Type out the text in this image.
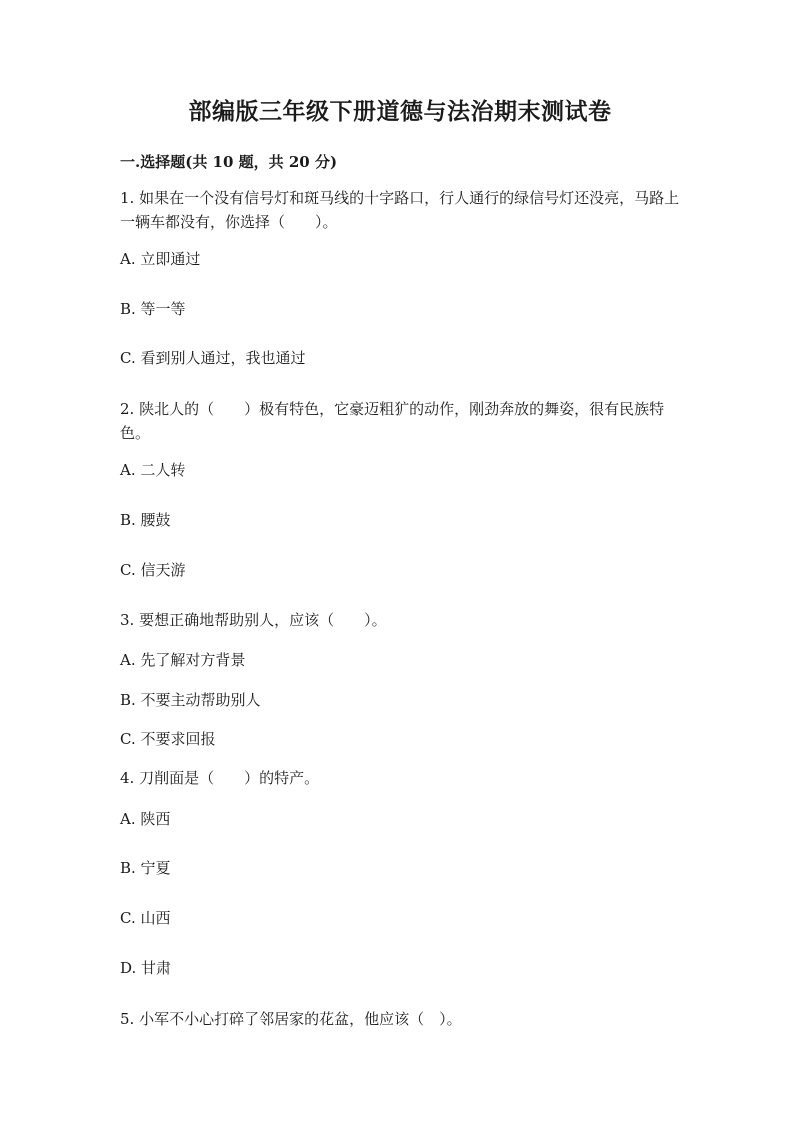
部编版三年级下册道德与法治期末测试卷
一.选择题(共 10 题，共 20 分)
1. 如果在一个没有信号灯和斑马线的十字路口，行人通行的绿信号灯还没亮，马路上一辆车都没有，你选择（　　）。
A. 立即通过
B. 等一等
C. 看到别人通过，我也通过
2. 陕北人的（　　）极有特色，它豪迈粗犷的动作，刚劲奔放的舞姿，很有民族特色。
A. 二人转
B. 腰鼓
C. 信天游
3. 要想正确地帮助别人，应该（　　）。
A. 先了解对方背景
B. 不要主动帮助别人
C. 不要求回报
4. 刀削面是（　　）的特产。
A. 陕西
B. 宁夏
C. 山西
D. 甘肃
5. 小军不小心打碎了邻居家的花盆，他应该（　）。
